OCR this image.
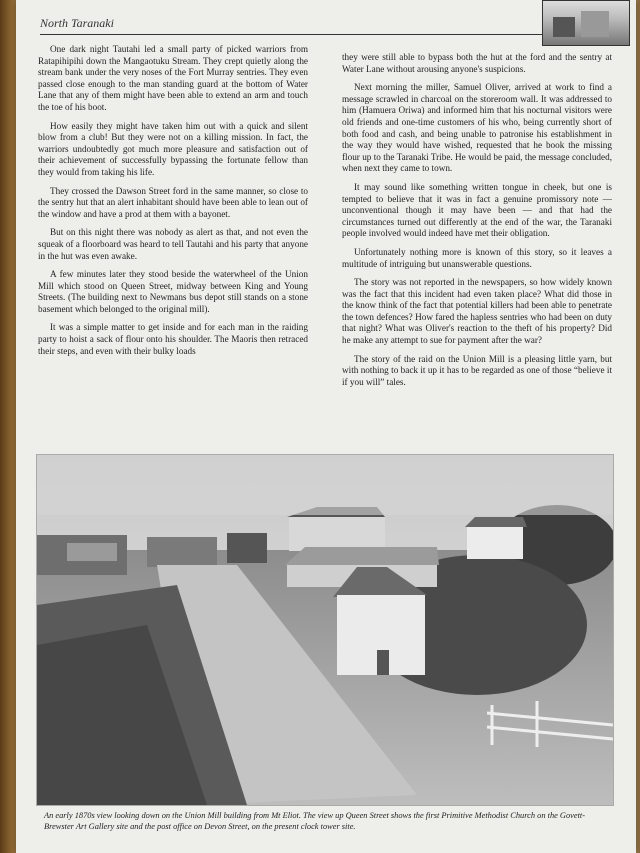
North Taranaki

One dark night Tautahi led a small party of picked warriors from Ratapihipihi down the Mangaotuku Stream. They crept quietly along the stream bank under the very noses of the Fort Murray sentries. They even passed close enough to the man standing guard at the bottom of Water Lane that any of them might have been able to extend an arm and touch the toe of his boot.

How easily they might have taken him out with a quick and silent blow from a club! But they were not on a killing mission. In fact, the warriors undoubtedly got much more pleasure and satisfaction out of their achievement of successfully bypassing the fortunate fellow than they would from taking his life.

They crossed the Dawson Street ford in the same manner, so close to the sentry hut that an alert inhabitant should have been able to lean out of the window and have a prod at them with a bayonet.

But on this night there was nobody as alert as that, and not even the squeak of a floorboard was heard to tell Tautahi and his party that anyone in the hut was even awake.

A few minutes later they stood beside the waterwheel of the Union Mill which stood on Queen Street, midway between King and Young Streets. (The building next to Newmans bus depot still stands on a stone basement which belonged to the original mill).

It was a simple matter to get inside and for each man in the raiding party to hoist a sack of flour onto his shoulder. The Maoris then retraced their steps, and even with their bulky loads

they were still able to bypass both the hut at the ford and the sentry at Water Lane without arousing anyone's suspicions.

Next morning the miller, Samuel Oliver, arrived at work to find a message scrawled in charcoal on the storeroom wall. It was addressed to him (Hamuera Oriwa) and informed him that his nocturnal visitors were old friends and one-time customers of his who, being currently short of both food and cash, and being unable to patronise his establishment in the way they would have wished, requested that he book the missing flour up to the Taranaki Tribe. He would be paid, the message concluded, when next they came to town.

It may sound like something written tongue in cheek, but one is tempted to believe that it was in fact a genuine promissory note — unconventional though it may have been — and that had the circumstances turned out differently at the end of the war, the Taranaki people involved would indeed have met their obligation.

Unfortunately nothing more is known of this story, so it leaves a multitude of intriguing but unanswerable questions.

The story was not reported in the newspapers, so how widely known was the fact that this incident had even taken place? What did those in the know think of the fact that potential killers had been able to penetrate the town defences? How fared the hapless sentries who had been on duty that night? What was Oliver's reaction to the theft of his property? Did he make any attempt to sue for payment after the war?

The story of the raid on the Union Mill is a pleasing little yarn, but with nothing to back it up it has to be regarded as one of those “believe it if you will” tales.

An early 1870s view looking down on the Union Mill building from Mt Eliot. The view up Queen Street shows the first Primitive Methodist Church on the Govett-Brewster Art Gallery site and the post office on Devon Street, on the present clock tower site.
